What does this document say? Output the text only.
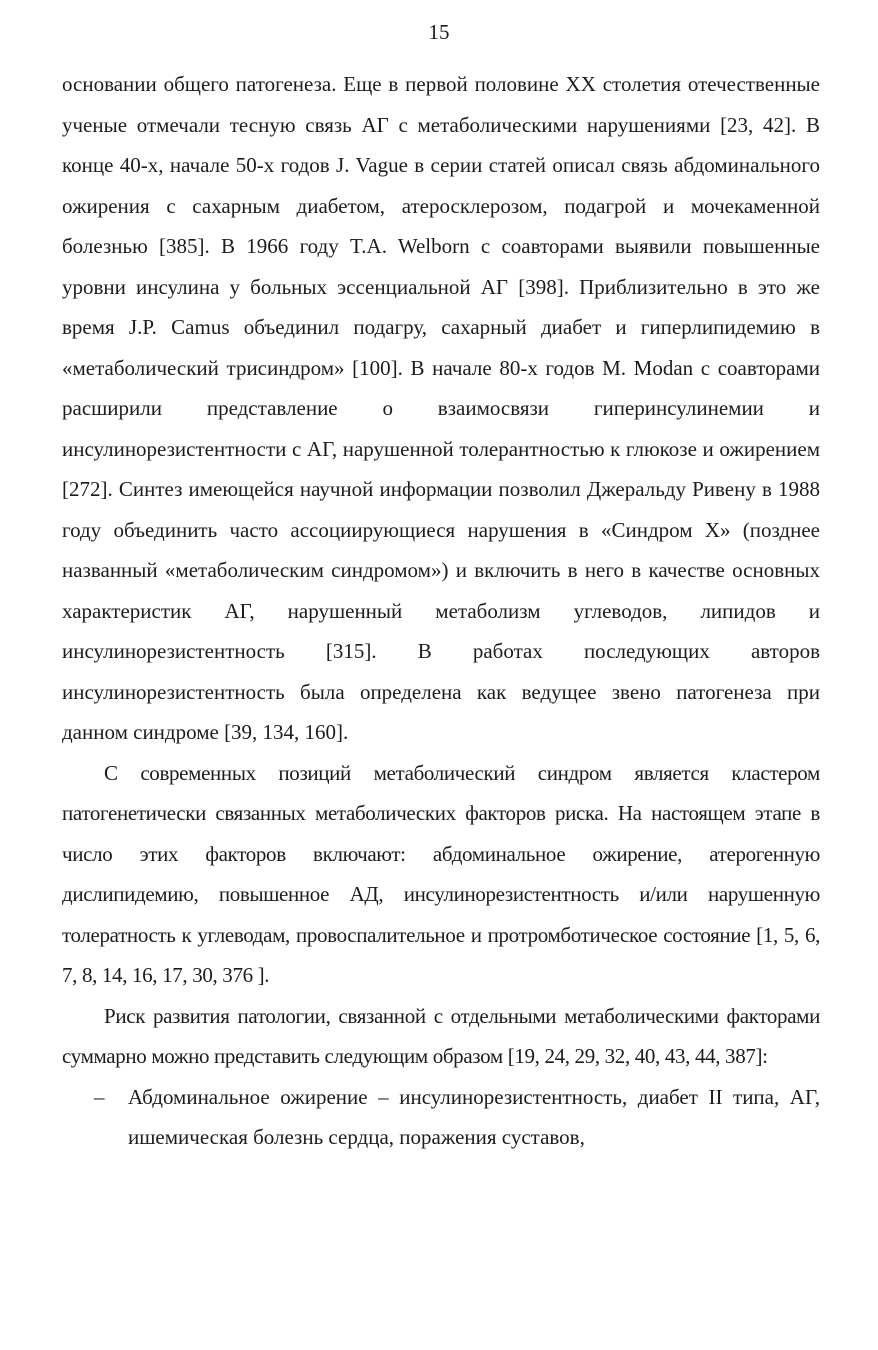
15

основании общего патогенеза. Еще в первой половине XX столетия отечественные ученые отмечали тесную связь АГ с метаболическими нарушениями [23, 42]. В конце 40-х, начале 50-х годов J. Vague в серии статей описал связь абдоминального ожирения с сахарным диабетом, атеросклерозом, подагрой и мочекаменной болезнью [385]. В 1966 году T.A. Welborn с соавторами выявили повышенные уровни инсулина у больных эссенциальной АГ [398]. Приблизительно в это же время J.P. Camus объединил подагру, сахарный диабет и гиперлипидемию в «метаболический трисиндром» [100]. В начале 80-х годов M. Modan с соавторами расширили представление о взаимосвязи гиперинсулинемии и инсулинорезистентности с АГ, нарушенной толерантностью к глюкозе и ожирением [272]. Синтез имеющейся научной информации позволил Джеральду Ривену в 1988 году объединить часто ассоциирующиеся нарушения в «Синдром Х» (позднее названный «метаболическим синдромом») и включить в него в качестве основных характеристик АГ, нарушенный метаболизм углеводов, липидов и инсулинорезистентность [315]. В работах последующих авторов инсулинорезистентность была определена как ведущее звено патогенеза при данном синдроме [39, 134, 160].

С современных позиций метаболический синдром является кластером патогенетически связанных метаболических факторов риска. На настоящем этапе в число этих факторов включают: абдоминальное ожирение, атерогенную дислипидемию, повышенное АД, инсулинорезистентность и/или нарушенную толератность к углеводам, провоспалительное и протромботическое состояние [1, 5, 6, 7, 8, 14, 16, 17, 30, 376 ].

Риск развития патологии, связанной с отдельными метаболическими факторами суммарно можно представить следующим образом [19, 24, 29, 32, 40, 43, 44, 387]:

– Абдоминальное ожирение – инсулинорезистентность, диабет II типа, АГ, ишемическая болезнь сердца, поражения суставов,
